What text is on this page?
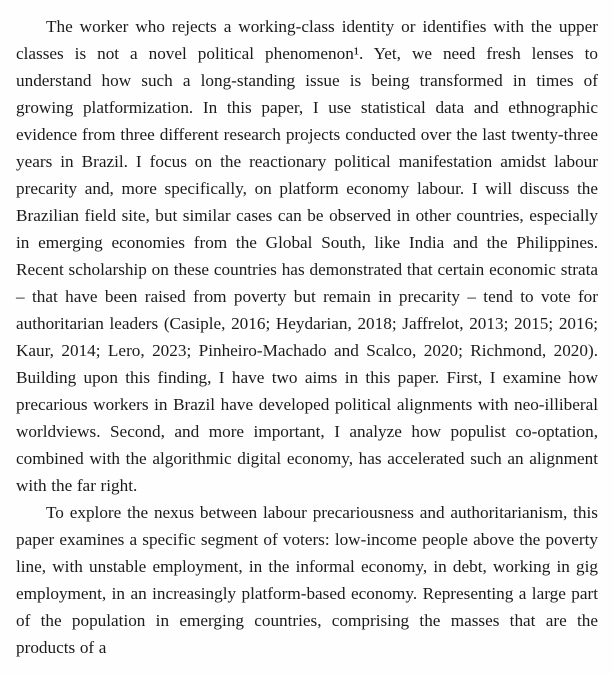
The worker who rejects a working-class identity or identifies with the upper classes is not a novel political phenomenon¹. Yet, we need fresh lenses to understand how such a long-standing issue is being transformed in times of growing platformization. In this paper, I use statistical data and ethnographic evidence from three different research projects conducted over the last twenty-three years in Brazil. I focus on the reactionary political manifestation amidst labour precarity and, more specifically, on platform economy labour. I will discuss the Brazilian field site, but similar cases can be observed in other countries, especially in emerging economies from the Global South, like India and the Philippines. Recent scholarship on these countries has demonstrated that certain economic strata – that have been raised from poverty but remain in precarity – tend to vote for authoritarian leaders (Casiple, 2016; Heydarian, 2018; Jaffrelot, 2013; 2015; 2016; Kaur, 2014; Lero, 2023; Pinheiro-Machado and Scalco, 2020; Richmond, 2020). Building upon this finding, I have two aims in this paper. First, I examine how precarious workers in Brazil have developed political alignments with neo-illiberal worldviews. Second, and more important, I analyze how populist co-optation, combined with the algorithmic digital economy, has accelerated such an alignment with the far right.

To explore the nexus between labour precariousness and authoritarianism, this paper examines a specific segment of voters: low-income people above the poverty line, with unstable employment, in the informal economy, in debt, working in gig employment, in an increasingly platform-based economy. Representing a large part of the population in emerging countries, comprising the masses that are the products of a
